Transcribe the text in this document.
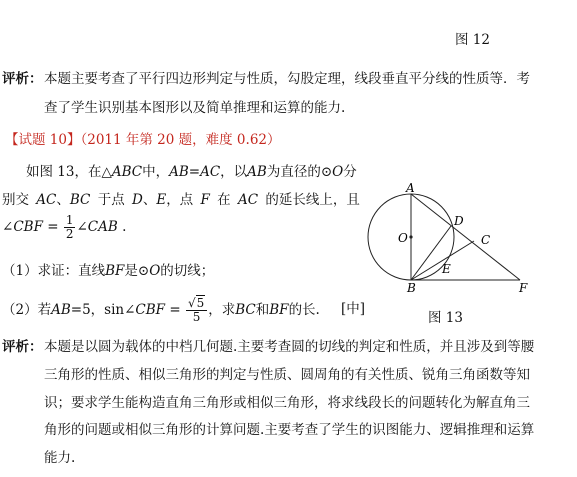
图 12
评析： 本题主要考查了平行四边形判定与性质，勾股定理，线段垂直平分线的性质等．考
查了学生识别基本图形以及简单推理和运算的能力.
【试题 10】（2011 年第 20 题，难度 0.62）
如图 13，在△ABC中，AB=AC，以AB为直径的⊙O分
别交 AC、BC 于点 D、E，点 F 在 AC 的延长线上，且
∠CBF = $\frac{1}{2}$ ∠CAB .
（1）求证：直线BF是⊙O的切线；
（2）若AB=5，sin∠CBF = $\frac{√5}{5}$ ，求BC和BF的长. [中]
A
B
C
D
E
F
O
图 13
评析： 本题是以圆为载体的中档几何题.主要考查圆的切线的判定和性质，并且涉及到等腰
三角形的性质、相似三角形的判定与性质、圆周角的有关性质、锐角三角函数等知
识；要求学生能构造直角三角形或相似三角形，将求线段长的问题转化为解直角三
角形的问题或相似三角形的计算问题.主要考查了学生的识图能力、逻辑推理和运算
能力.
